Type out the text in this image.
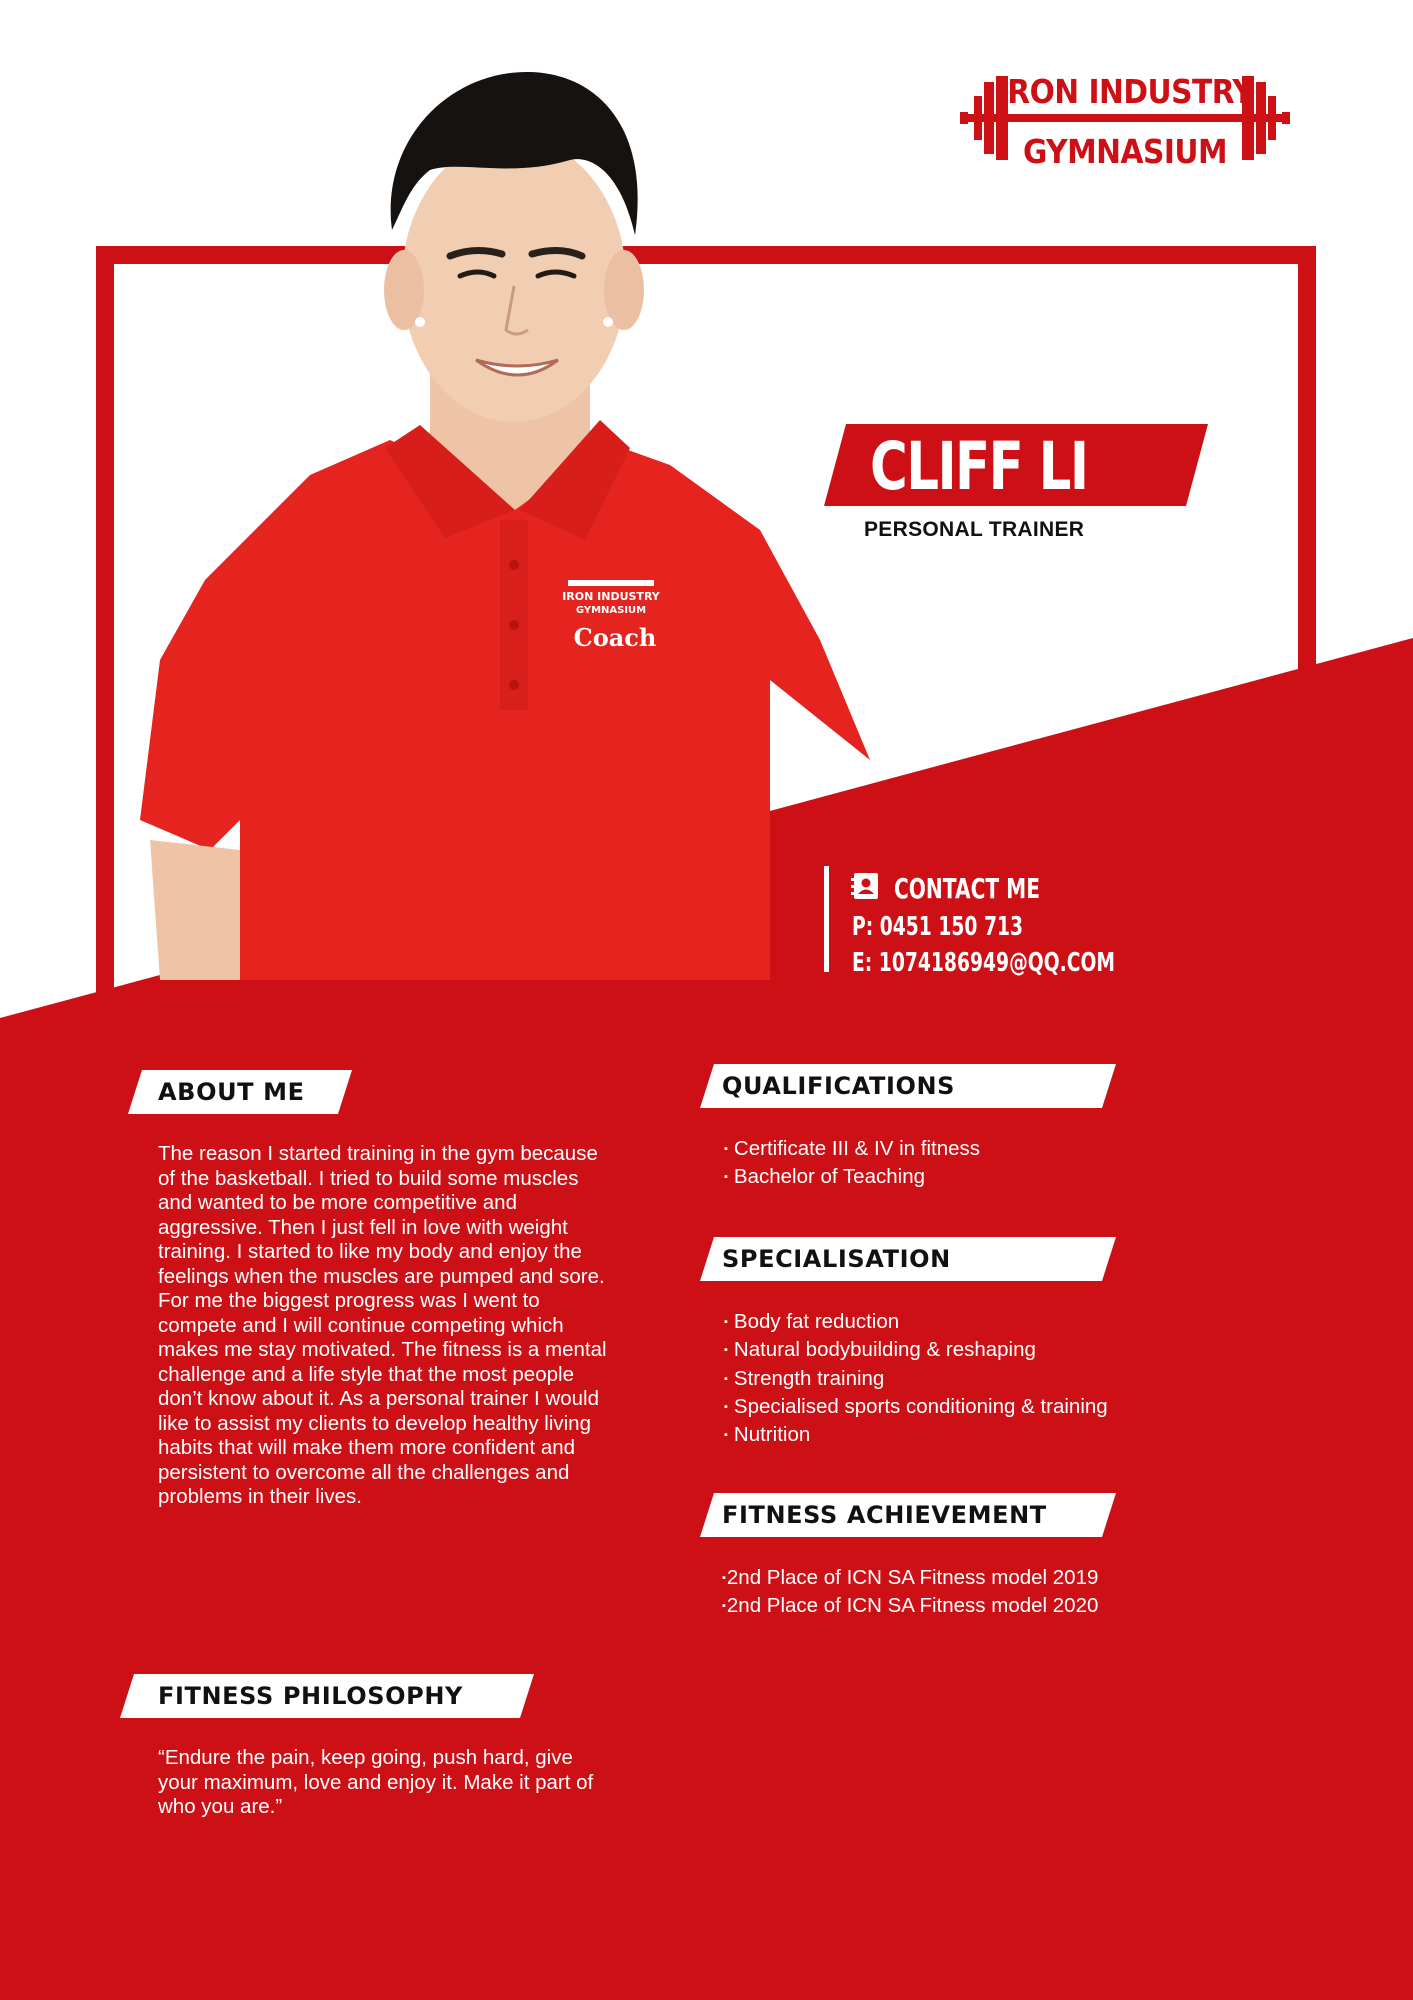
IRON INDUSTRY
GYMNASIUM
Coach
IRON INDUSTRY
GYMNASIUM
CLIFF LI
PERSONAL TRAINER
CONTACT ME
P: 0451 150 713
E: 1074186949@QQ.COM
ABOUT ME
The reason I started training in the gym because of the basketball. I tried to build some muscles and wanted to be more competitive and aggressive. Then I just fell in love with weight training. I started to like my body and enjoy the feelings when the muscles are pumped and sore. For me the biggest progress was I went to compete and I will continue competing which makes me stay motivated. The fitness is a mental challenge and a life style that the most people don’t know about it. As a personal trainer I would like to assist my clients to develop healthy living habits that will make them more confident and persistent to overcome all the challenges and problems in their lives.
FITNESS PHILOSOPHY
“Endure the pain, keep going, push hard, give your maximum, love and enjoy it. Make it part of who you are.”
QUALIFICATIONS
▪ Certificate III & IV in fitness
▪ Bachelor of Teaching
SPECIALISATION
▪ Body fat reduction
▪ Natural bodybuilding & reshaping
▪ Strength training
▪ Specialised sports conditioning & training
▪ Nutrition
FITNESS ACHIEVEMENT
▪2nd Place of ICN SA Fitness model 2019
▪2nd Place of ICN SA Fitness model 2020
